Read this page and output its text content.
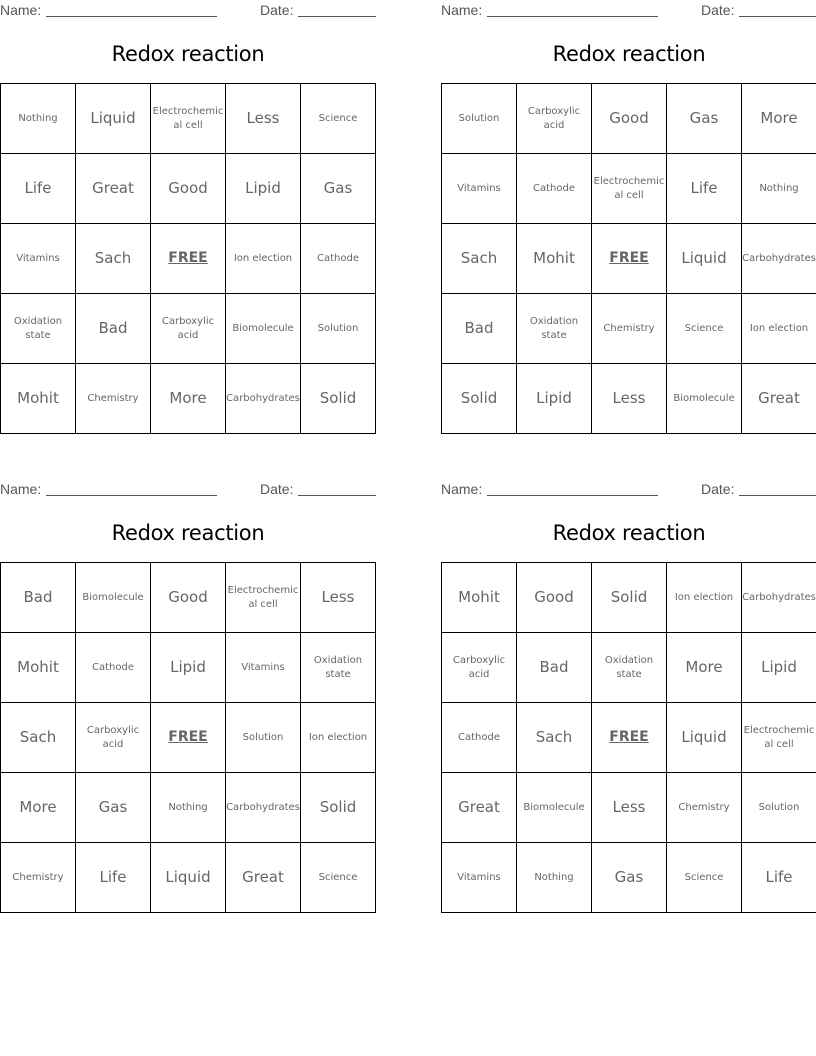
Name:	Date:
Redox reaction
Nothing	Liquid	Electrochemic al cell	Less	Science
Life	Great	Good	Lipid	Gas
Vitamins	Sach	FREE	Ion election	Cathode
Oxidation state	Bad	Carboxylic acid	Biomolecule	Solution
Mohit	Chemistry	More	Carbohydrates	Solid
Name:	Date:
Redox reaction
Solution	Carboxylic acid	Good	Gas	More
Vitamins	Cathode	Electrochemic al cell	Life	Nothing
Sach	Mohit	FREE	Liquid	Carbohydrates
Bad	Oxidation state	Chemistry	Science	Ion election
Solid	Lipid	Less	Biomolecule	Great
Name:	Date:
Redox reaction
Bad	Biomolecule	Good	Electrochemic al cell	Less
Mohit	Cathode	Lipid	Vitamins	Oxidation state
Sach	Carboxylic acid	FREE	Solution	Ion election
More	Gas	Nothing	Carbohydrates	Solid
Chemistry	Life	Liquid	Great	Science
Name:	Date:
Redox reaction
Mohit	Good	Solid	Ion election	Carbohydrates
Carboxylic acid	Bad	Oxidation state	More	Lipid
Cathode	Sach	FREE	Liquid	Electrochemic al cell
Great	Biomolecule	Less	Chemistry	Solution
Vitamins	Nothing	Gas	Science	Life
